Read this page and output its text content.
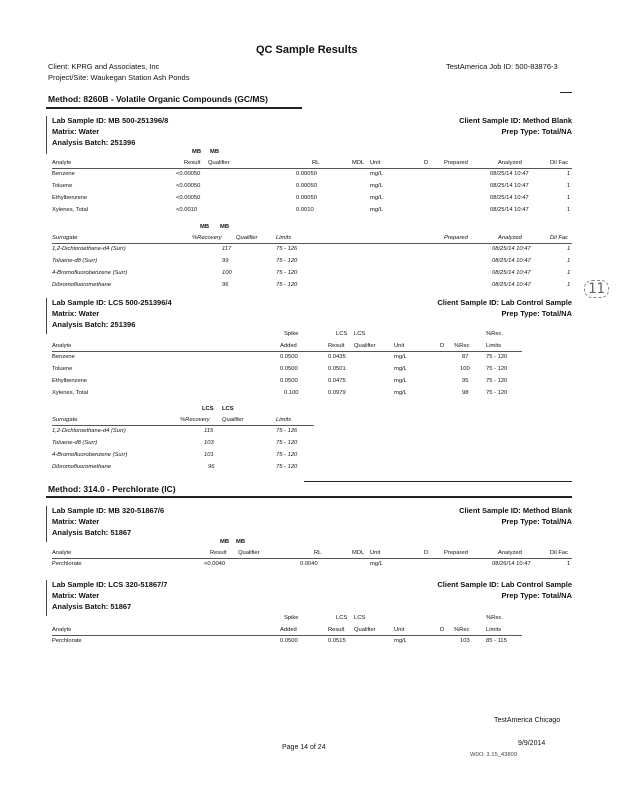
QC Sample Results
Client: KPRG and Associates, Inc
Project/Site: Waukegan Station Ash Ponds
TestAmerica Job ID: 500-83876-3
Method: 8260B - Volatile Organic Compounds (GC/MS)
Lab Sample ID: MB 500-251396/8
Matrix: Water
Analysis Batch: 251396
Client Sample ID: Method Blank
Prep Type: Total/NA
MB MB
Analyte	Result Qualifier	RL	MDL Unit	D	Prepared	Analyzed	Dil Fac
Benzene	<0.00050	0.00050	mg/L	08/25/14 10:47	1
Toluene	<0.00050	0.00050	mg/L	08/25/14 10:47	1
Ethylbenzene	<0.00050	0.00050	mg/L	08/25/14 10:47	1
Xylenes, Total	<0.0010	0.0010	mg/L	08/25/14 10:47	1
MB MB
Surrogate	%Recovery Qualifier	Limits	Prepared	Analyzed	Dil Fac
1,2-Dichloroethane-d4 (Surr)	117	75 - 126	08/25/14 10:47	1
Toluene-d8 (Surr)	99	75 - 120	08/25/14 10:47	1
4-Bromofluorobenzene (Surr)	100	75 - 120	08/25/14 10:47	1
Dibromofluoromethane	96	75 - 120	08/25/14 10:47	1 11
Lab Sample ID: LCS 500-251396/4
Matrix: Water
Analysis Batch: 251396
Client Sample ID: Lab Control Sample
Prep Type: Total/NA
Spike	LCS LCS	%Rec.
Analyte	Added	Result Qualifier	Unit	D %Rec	Limits
Benzene	0.0500	0.0435	mg/L	87	75 - 120
Toluene	0.0500	0.0501	mg/L	100	75 - 120
Ethylbenzene	0.0500	0.0475	mg/L	95	75 - 120
Xylenes, Total	0.100	0.0979	mg/L	98	75 - 120
LCS LCS
Surrogate	%Recovery Qualifier	Limits
1,2-Dichloroethane-d4 (Surr)	115	75 - 126
Toluene-d8 (Surr)	103	75 - 120
4-Bromofluorobenzene (Surr)	101	75 - 120
Dibromofluoromethane	96	75 - 120
Method: 314.0 - Perchlorate (IC)
Lab Sample ID: MB 320-51867/6
Matrix: Water
Analysis Batch: 51867
Client Sample ID: Method Blank
Prep Type: Total/NA
MB MB
Analyte	Result Qualifier	RL	MDL Unit	D	Prepared	Analyzed	Dil Fac
Perchlorate	<0.0040	0.0040	mg/L	08/26/14 10:47	1
Lab Sample ID: LCS 320-51867/7
Matrix: Water
Analysis Batch: 51867
Client Sample ID: Lab Control Sample
Prep Type: Total/NA
Spike	LCS LCS	%Rec.
Analyte	Added	Result Qualifier	Unit	D %Rec	Limits
Perchlorate	0.0500	0.0515	mg/L	103	85 - 115
TestAmerica Chicago
Page 14 of 24
9/9/2014
W0O: 3.15_43809
